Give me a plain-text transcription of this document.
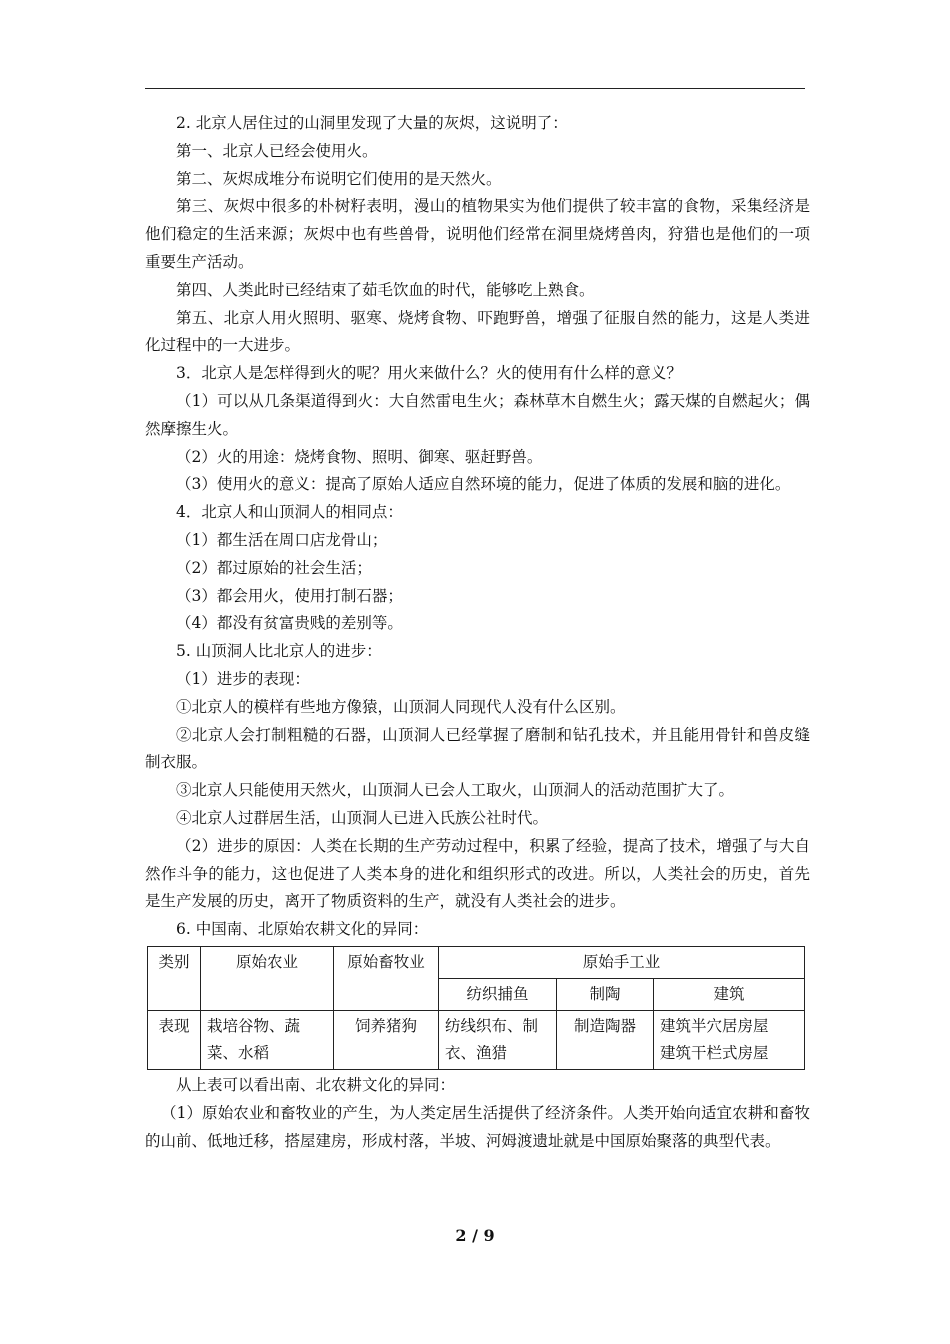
2. 北京人居住过的山洞里发现了大量的灰烬，这说明了：

第一、北京人已经会使用火。

第二、灰烬成堆分布说明它们使用的是天然火。

第三、灰烬中很多的朴树籽表明，漫山的植物果实为他们提供了较丰富的食物，采集经济是他们稳定的生活来源；灰烬中也有些兽骨，说明他们经常在洞里烧烤兽肉，狩猎也是他们的一项重要生产活动。

第四、人类此时已经结束了茹毛饮血的时代，能够吃上熟食。

第五、北京人用火照明、驱寒、烧烤食物、吓跑野兽，增强了征服自然的能力，这是人类进化过程中的一大进步。

3．北京人是怎样得到火的呢？用火来做什么？火的使用有什么样的意义？

（1）可以从几条渠道得到火：大自然雷电生火；森林草木自燃生火；露天煤的自燃起火；偶然摩擦生火。

（2）火的用途：烧烤食物、照明、御寒、驱赶野兽。

（3）使用火的意义：提高了原始人适应自然环境的能力，促进了体质的发展和脑的进化。

4．北京人和山顶洞人的相同点：

（1）都生活在周口店龙骨山；

（2）都过原始的社会生活；

（3）都会用火，使用打制石器；

（4）都没有贫富贵贱的差别等。

5. 山顶洞人比北京人的进步：

（1）进步的表现：

①北京人的模样有些地方像猿，山顶洞人同现代人没有什么区别。

②北京人会打制粗糙的石器，山顶洞人已经掌握了磨制和钻孔技术，并且能用骨针和兽皮缝制衣服。

③北京人只能使用天然火，山顶洞人已会人工取火，山顶洞人的活动范围扩大了。

④北京人过群居生活，山顶洞人已进入氏族公社时代。

（2）进步的原因：人类在长期的生产劳动过程中，积累了经验，提高了技术，增强了与大自然作斗争的能力，这也促进了人类本身的进化和组织形式的改进。所以，人类社会的历史，首先是生产发展的历史，离开了物质资料的生产，就没有人类社会的进步。

6. 中国南、北原始农耕文化的异同：

类别	原始农业	原始畜牧业	原始手工业		
			纺织捕鱼	制陶	建筑
表现	栽培谷物、蔬菜、水稻	饲养猪狗	纺线织布、制衣、渔猎	制造陶器	建筑半穴居房屋
建筑干栏式房屋

从上表可以看出南、北农耕文化的异同：

（1）原始农业和畜牧业的产生，为人类定居生活提供了经济条件。人类开始向适宜农耕和畜牧的山前、低地迁移，搭屋建房，形成村落，半坡、河姆渡遗址就是中国原始聚落的典型代表。

2 / 9
